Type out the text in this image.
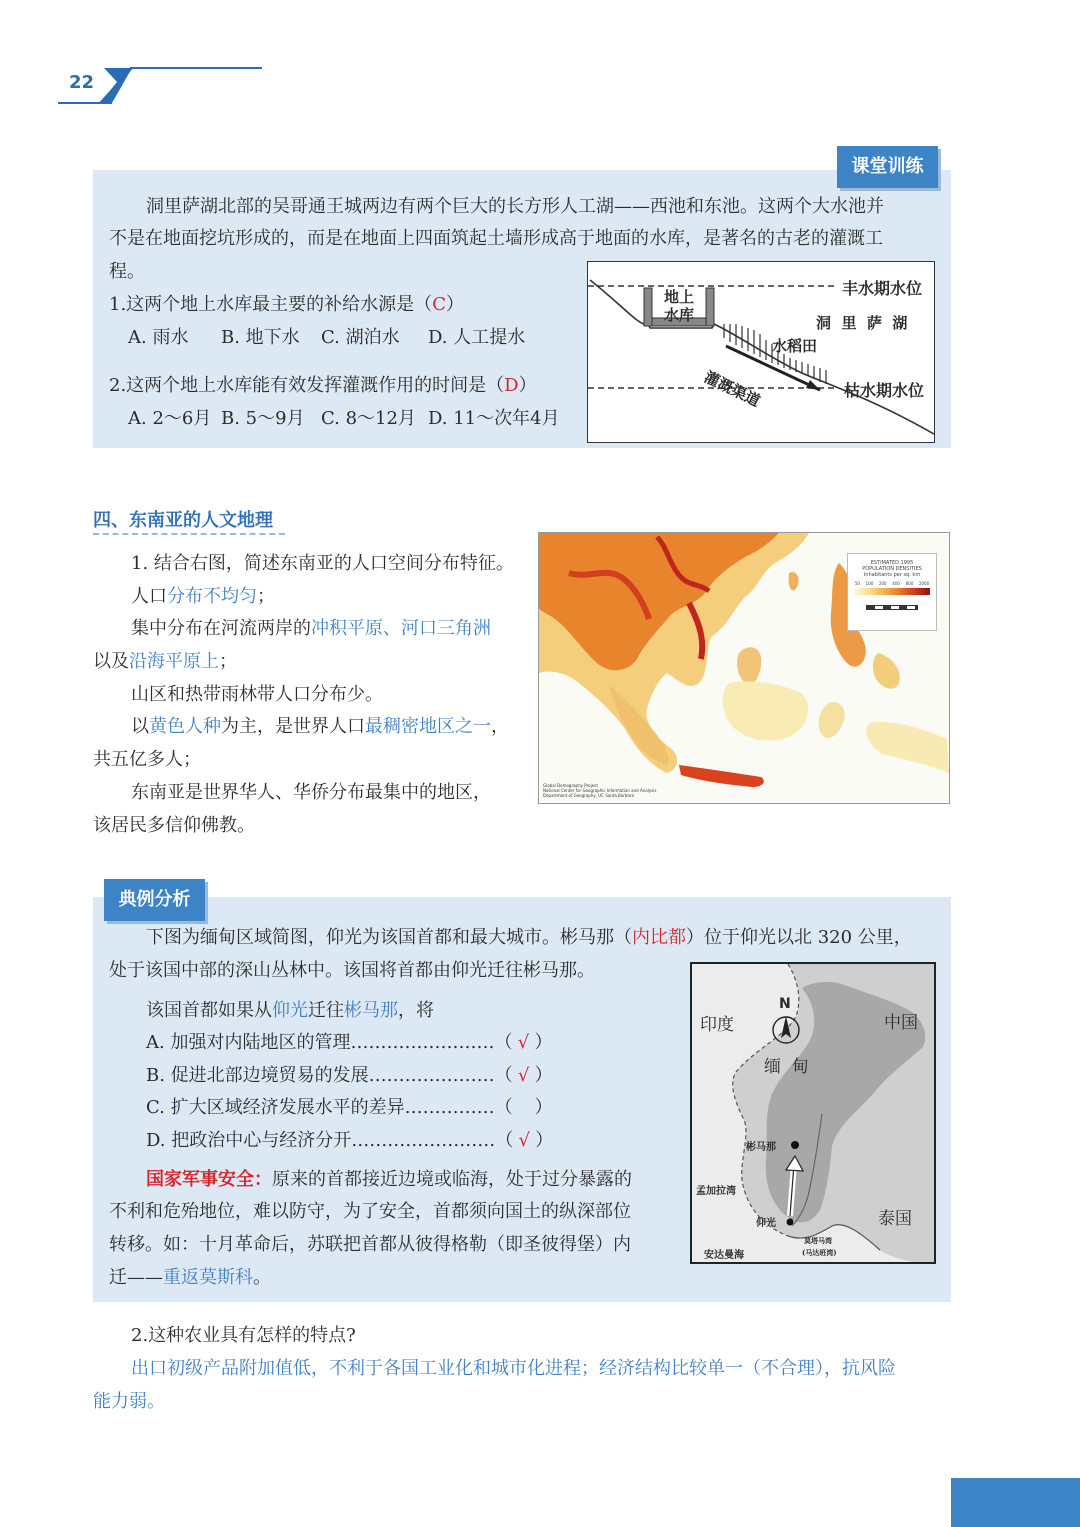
22
课堂训练
洞里萨湖北部的吴哥通王城两边有两个巨大的长方形人工湖——西池和东池。这两个大水池并
不是在地面挖坑形成的，而是在地面上四面筑起土墙形成高于地面的水库，是著名的古老的灌溉工
程。
1.这两个地上水库最主要的补给水源是（C）
A. 雨水 B. 地下水 C. 湖泊水 D. 人工提水
2.这两个地上水库能有效发挥灌溉作用的时间是（D）
A. 2～6月 B. 5～9月 C. 8～12月 D. 11～次年4月
丰水期水位
地上
水库	洞  里  萨  湖
水稻田
灌溉渠道	枯水期水位
四、东南亚的人文地理
1. 结合右图，简述东南亚的人口空间分布特征。
人口分布不均匀；
集中分布在河流两岸的冲积平原、河口三角洲
以及沿海平原上；
山区和热带雨林带人口分布少。
以黄色人种为主，是世界人口最稠密地区之一，
共五亿多人；
东南亚是世界华人、华侨分布最集中的地区，
该居民多信仰佛教。
ESTIMATED 1995
POPULATION DENSITIES
Inhabitants per sq. km
50 100 200 400 800 2000
Global Demography Project
National Center for Geographic Information and Analysis
Department of Geography, UC Santa Barbara
典例分析
下图为缅甸区域简图，仰光为该国首都和最大城市。彬马那（内比都）位于仰光以北 320 公里，
处于该国中部的深山丛林中。该国将首都由仰光迁往彬马那。
该国首都如果从仰光迁往彬马那，将
A. 加强对内陆地区的管理……………………（ √ ）
B. 促进北部边境贸易的发展…………………（ √ ）
C. 扩大区域经济发展水平的差异……………（ ）
D. 把政治中心与经济分开……………………（ √ ）
国家军事安全：原来的首都接近边境或临海，处于过分暴露的
不利和危殆地位，难以防守，为了安全，首都须向国土的纵深部位
转移。如：十月革命后，苏联把首都从彼得格勒（即圣彼得堡）内
迁——重返莫斯科。
印度	中国
N
缅  甸
彬马那
孟加拉湾
仰光	泰国
安达曼海
莫塔马湾
(马达班湾)
2.这种农业具有怎样的特点?
出口初级产品附加值低，不利于各国工业化和城市化进程；经济结构比较单一（不合理），抗风险
能力弱。
